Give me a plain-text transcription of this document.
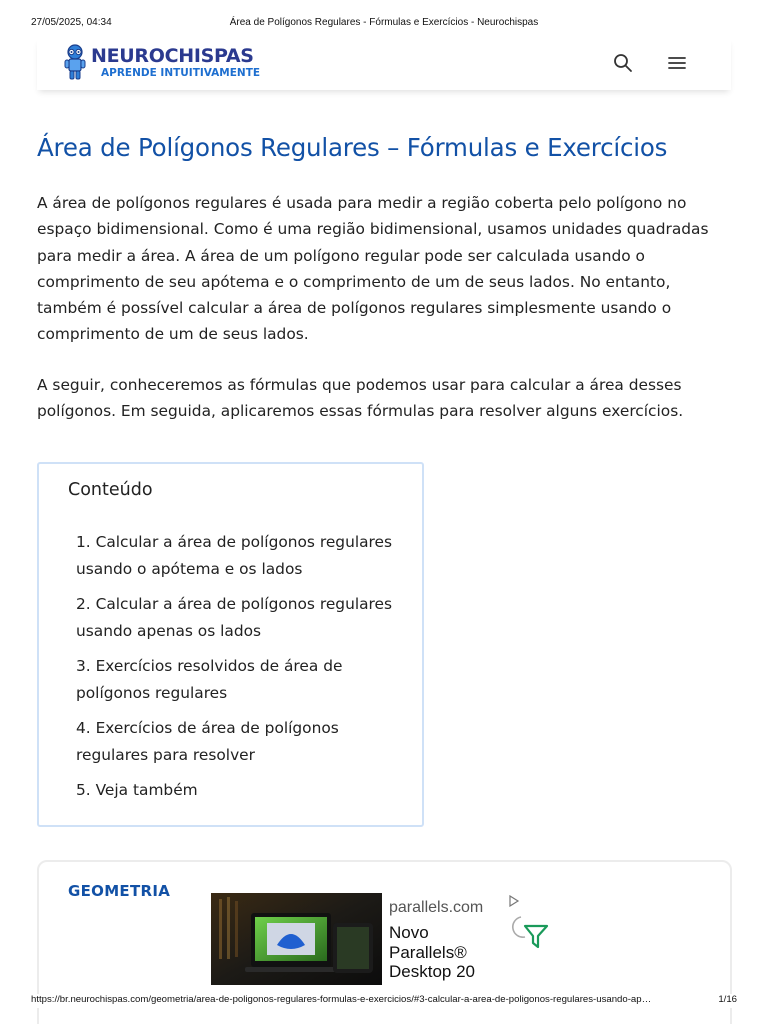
27/05/2025, 04:34	Área de Polígonos Regulares - Fórmulas e Exercícios - Neurochispas
NEUROCHISPAS
APRENDE INTUITIVAMENTE
Área de Polígonos Regulares – Fórmulas e Exercícios

A área de polígonos regulares é usada para medir a região coberta pelo polígono no espaço bidimensional. Como é uma região bidimensional, usamos unidades quadradas para medir a área. A área de um polígono regular pode ser calculada usando o comprimento de seu apótema e o comprimento de um de seus lados. No entanto, também é possível calcular a área de polígonos regulares simplesmente usando o comprimento de um de seus lados.

A seguir, conheceremos as fórmulas que podemos usar para calcular a área desses polígonos. Em seguida, aplicaremos essas fórmulas para resolver alguns exercícios.

Conteúdo
1. Calcular a área de polígonos regulares usando o apótema e os lados
2. Calcular a área de polígonos regulares usando apenas os lados
3. Exercícios resolvidos de área de polígonos regulares
4. Exercícios de área de polígonos regulares para resolver
5. Veja também
GEOMETRIA
parallels.com
Novo Parallels® Desktop 20
https://br.neurochispas.com/geometria/area-de-poligonos-regulares-formulas-e-exercicios/#3-calcular-a-area-de-poligonos-regulares-usando-ap…	1/16
